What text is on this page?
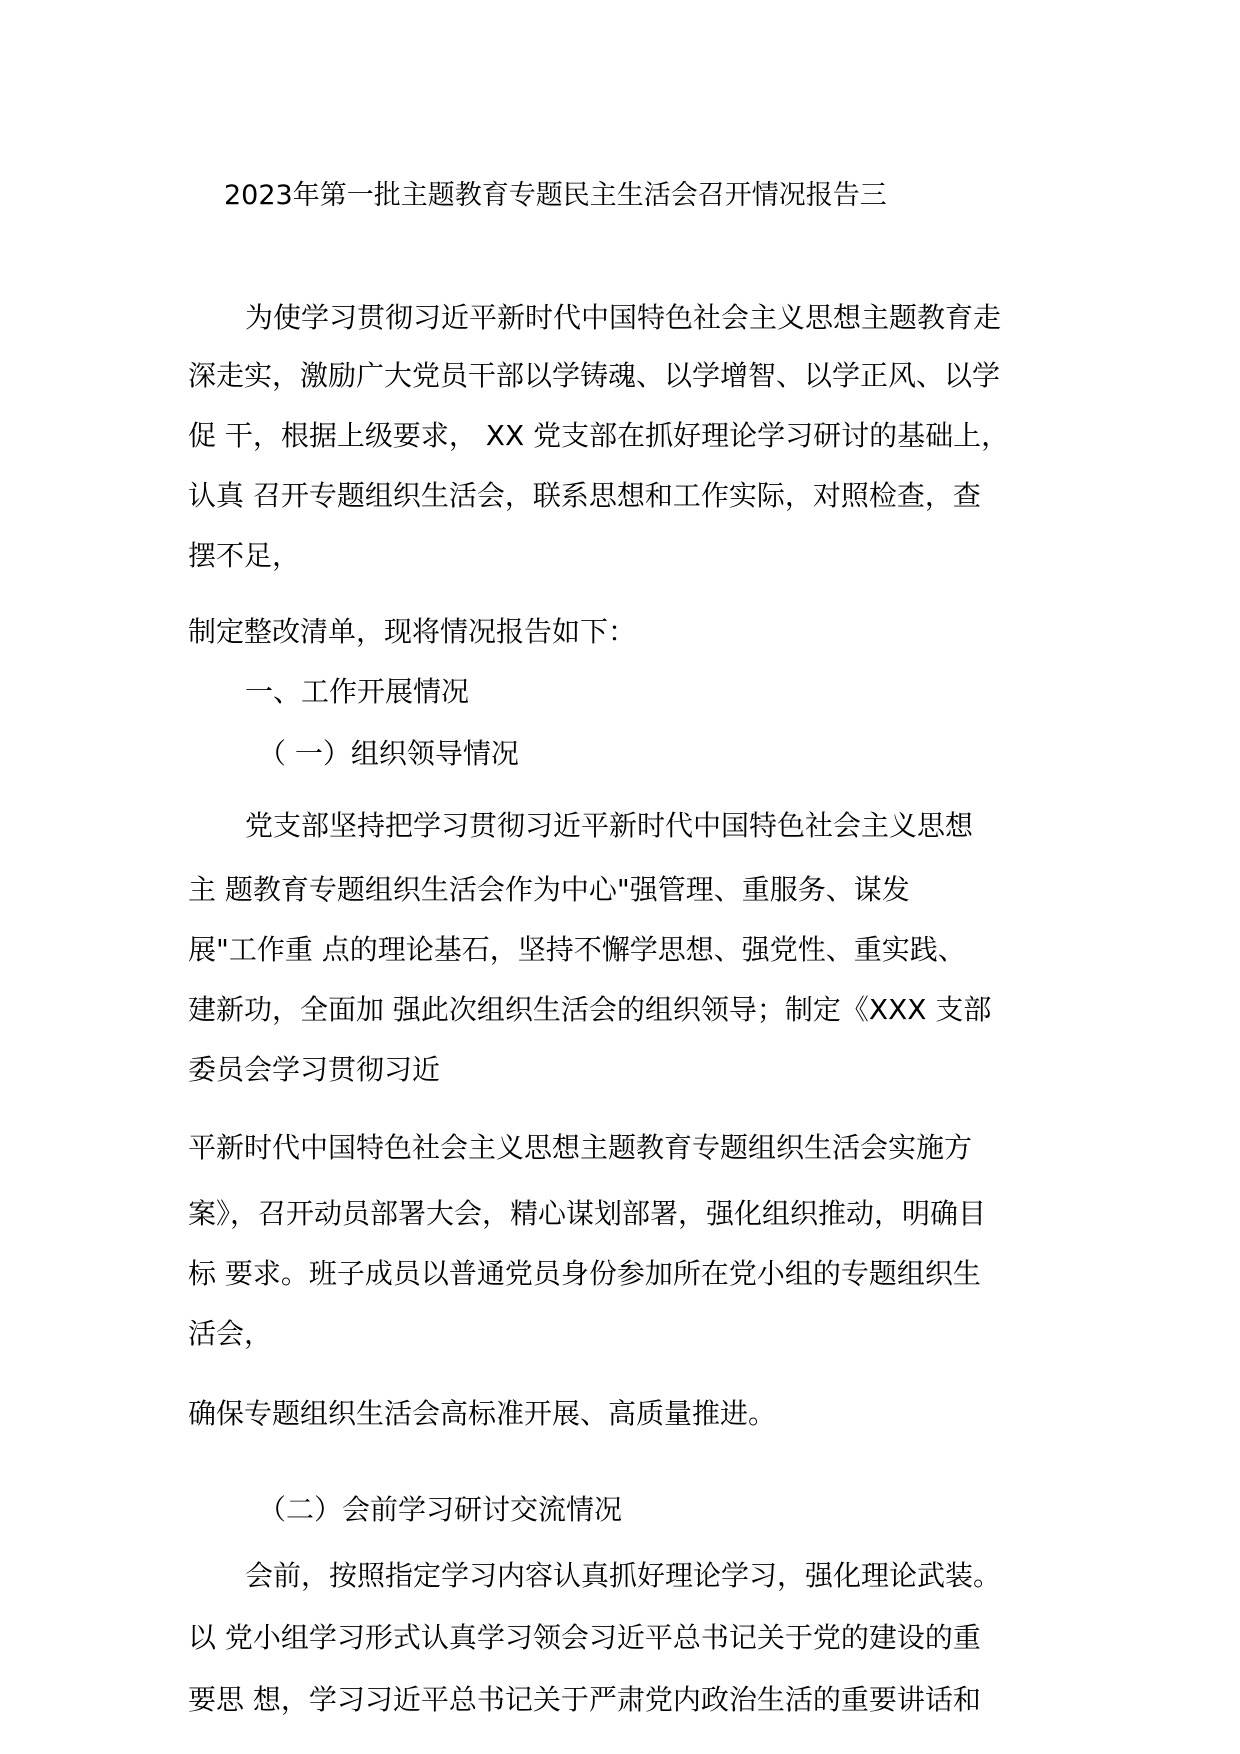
2023年第一批主题教育专题民主生活会召开情况报告三
为使学习贯彻习近平新时代中国特色社会主义思想主题教育走
深走实，激励广大党员干部以学铸魂、以学增智、以学正风、以学
促 干，根据上级要求， XX 党支部在抓好理论学习研讨的基础上，
认真 召开专题组织生活会，联系思想和工作实际，对照检查，查
摆不足，
制定整改清单，现将情况报告如下：
一、工作开展情况
（ 一）组织领导情况
党支部坚持把学习贯彻习近平新时代中国特色社会主义思想
主 题教育专题组织生活会作为中心"强管理、重服务、谋发
展"工作重 点的理论基石，坚持不懈学思想、强党性、重实践、
建新功，全面加 强此次组织生活会的组织领导；制定《XXX 支部
委员会学习贯彻习近
平新时代中国特色社会主义思想主题教育专题组织生活会实施方
案》，召开动员部署大会，精心谋划部署，强化组织推动，明确目
标 要求。班子成员以普通党员身份参加所在党小组的专题组织生
活会，
确保专题组织生活会高标准开展、高质量推进。
（二）会前学习研讨交流情况
会前，按照指定学习内容认真抓好理论学习，强化理论武装。
以 党小组学习形式认真学习领会习近平总书记关于党的建设的重
要思 想，学习习近平总书记关于严肃党内政治生活的重要讲话和
